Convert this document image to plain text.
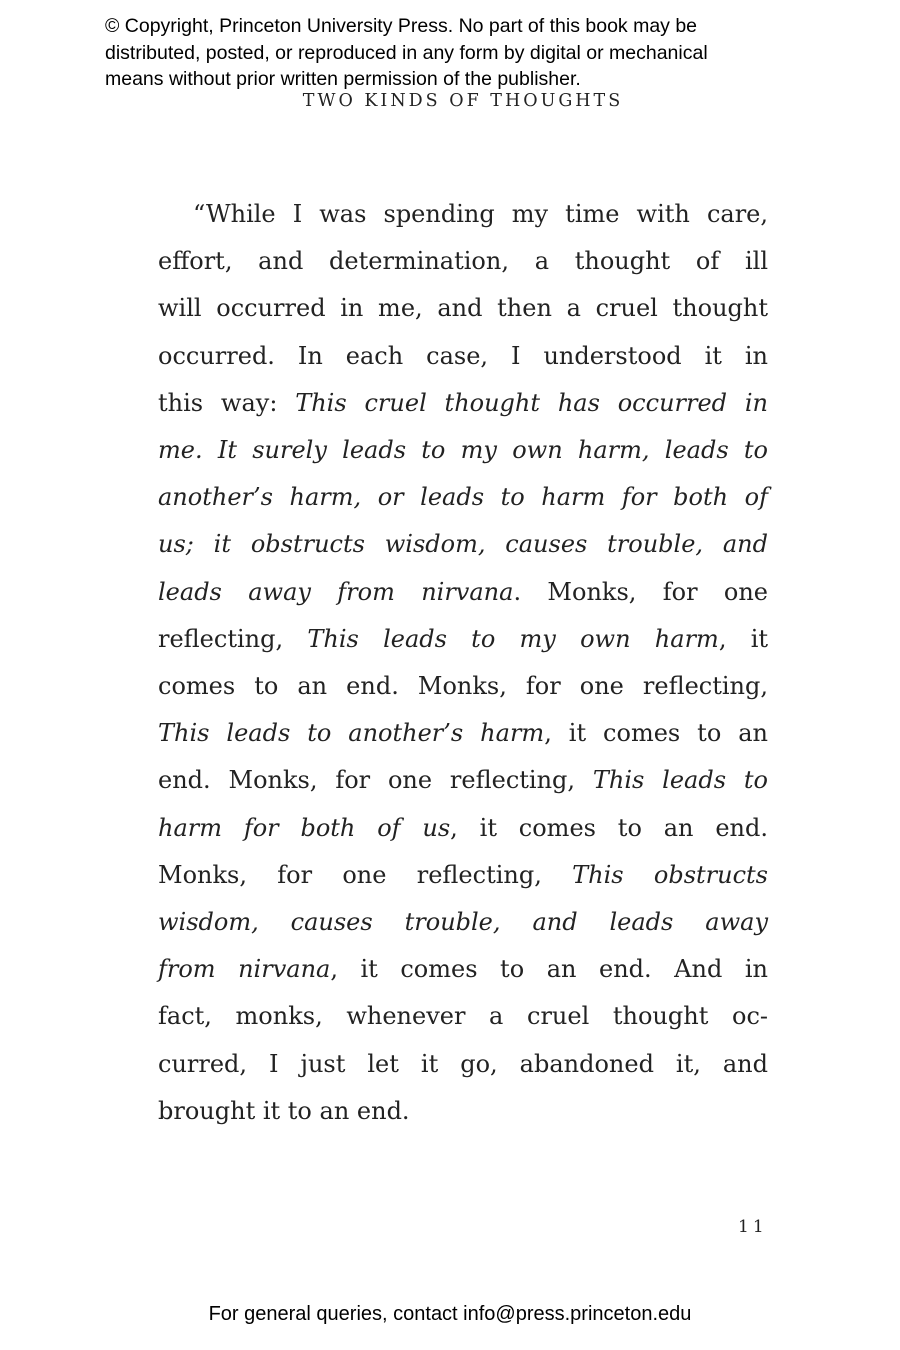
© Copyright, Princeton University Press. No part of this book may be
distributed, posted, or reproduced in any form by digital or mechanical
means without prior written permission of the publisher.
TWO KINDS OF THOUGHTS
“While I was spending my time with care,
effort, and determination, a thought of ill
will occurred in me, and then a cruel thought
occurred. In each case, I understood it in
this way: This cruel thought has occurred in
me. It surely leads to my own harm, leads to
another’s harm, or leads to harm for both of
us; it obstructs wisdom, causes trouble, and
leads away from nirvana. Monks, for one
reflecting, This leads to my own harm, it
comes to an end. Monks, for one reflecting,
This leads to another’s harm, it comes to an
end. Monks, for one reflecting, This leads to
harm for both of us, it comes to an end.
Monks, for one reflecting, This obstructs
wisdom, causes trouble, and leads away
from nirvana, it comes to an end. And in
fact, monks, whenever a cruel thought oc-
curred, I just let it go, abandoned it, and
brought it to an end.
11
For general queries, contact info@press.princeton.edu
